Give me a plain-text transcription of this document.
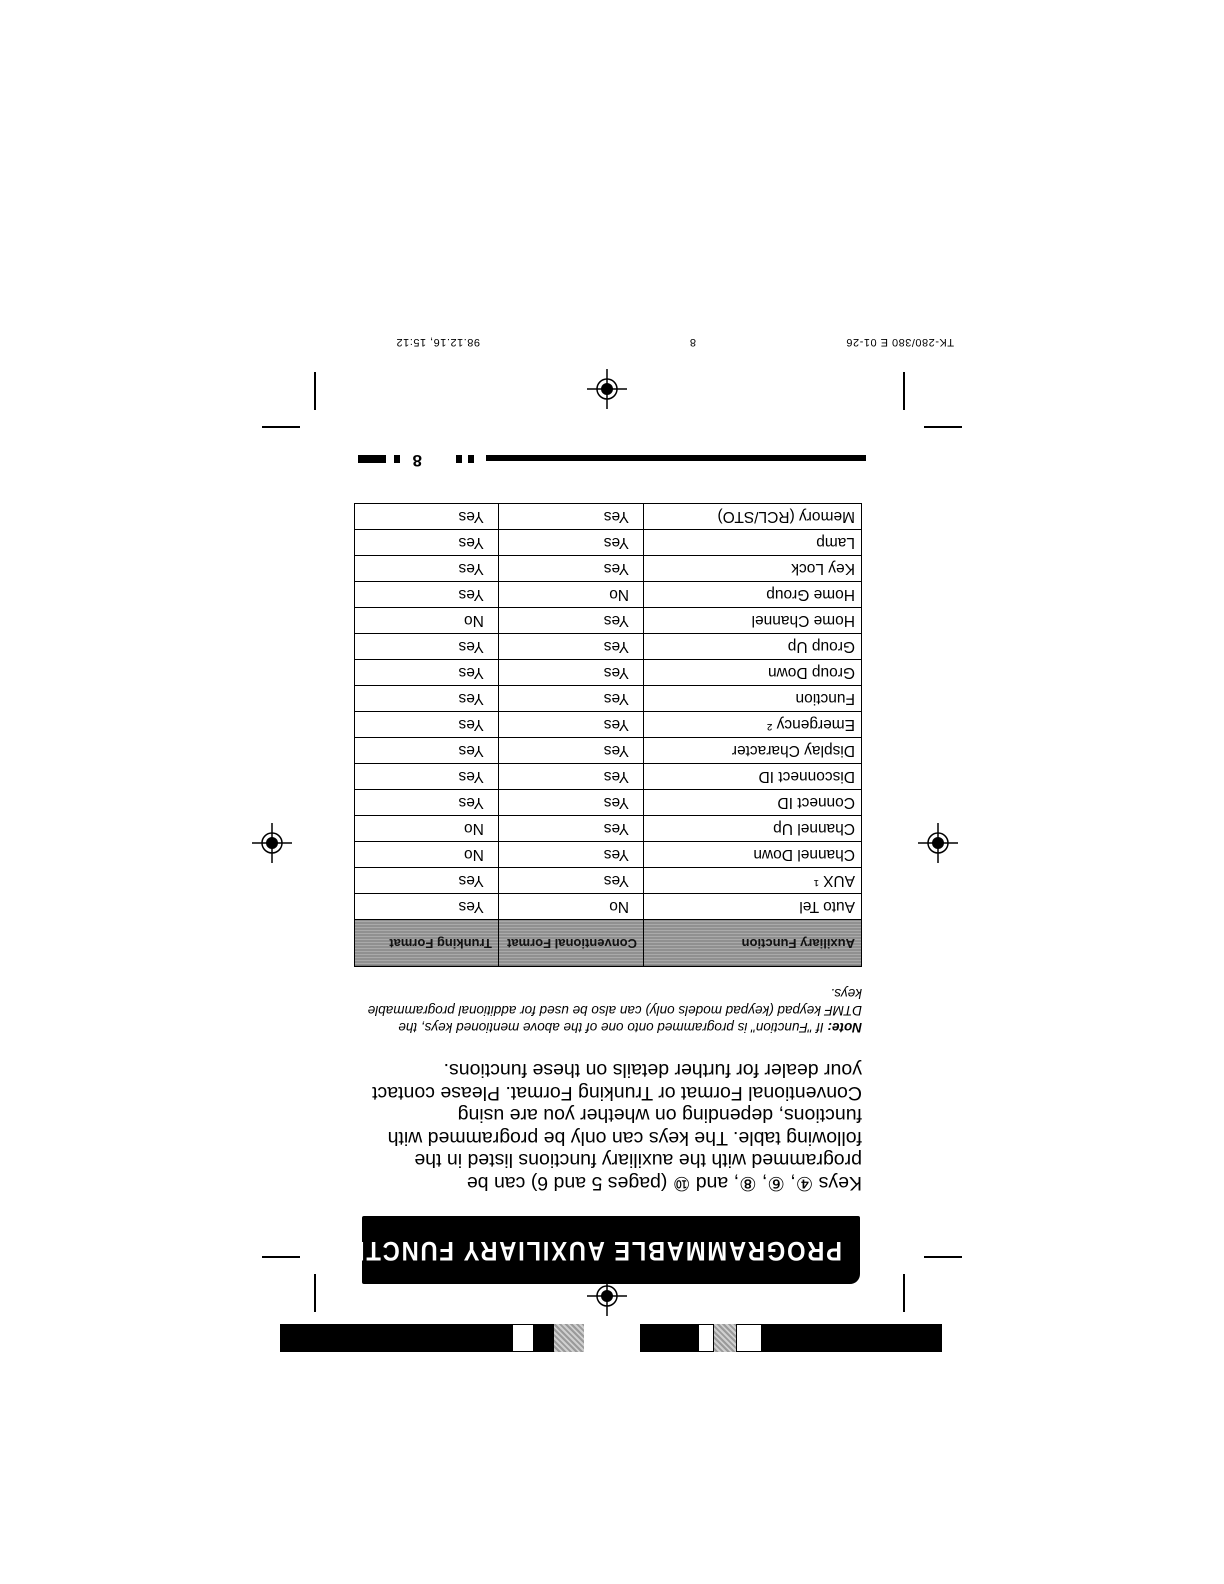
PROGRAMMABLE AUXILIARY FUNCTIONS

Keys ④, ⑥, ⑧, and ⑩ (pages 5 and 6) can be programmed with the auxiliary functions listed in the following table. The keys can only be programmed with functions, depending on whether you are using Conventional Format or Trunking Format. Please contact your dealer for further details on these functions.

Note: If "Function" is programmed onto one of the above mentioned keys, the DTMF keypad (keypad models only) can also be used for additional programmable keys.
Auxiliary Function	Conventional Format	Trunking Format
Auto Tel	No	Yes
AUX ¹	Yes	Yes
Channel Down	Yes	No
Channel Up	Yes	No
Connect ID	Yes	Yes
Disconnect ID	Yes	Yes
Display Character	Yes	Yes
Emergency ²	Yes	Yes
Function	Yes	Yes
Group Down	Yes	Yes
Group Up	Yes	Yes
Home Channel	Yes	No
Home Group	No	Yes
Key Lock	Yes	Yes
Lamp	Yes	Yes
Memory (RCL/STO)	Yes	Yes
8
TK-280/380 E 01-26
8
98.12.16, 15:12
